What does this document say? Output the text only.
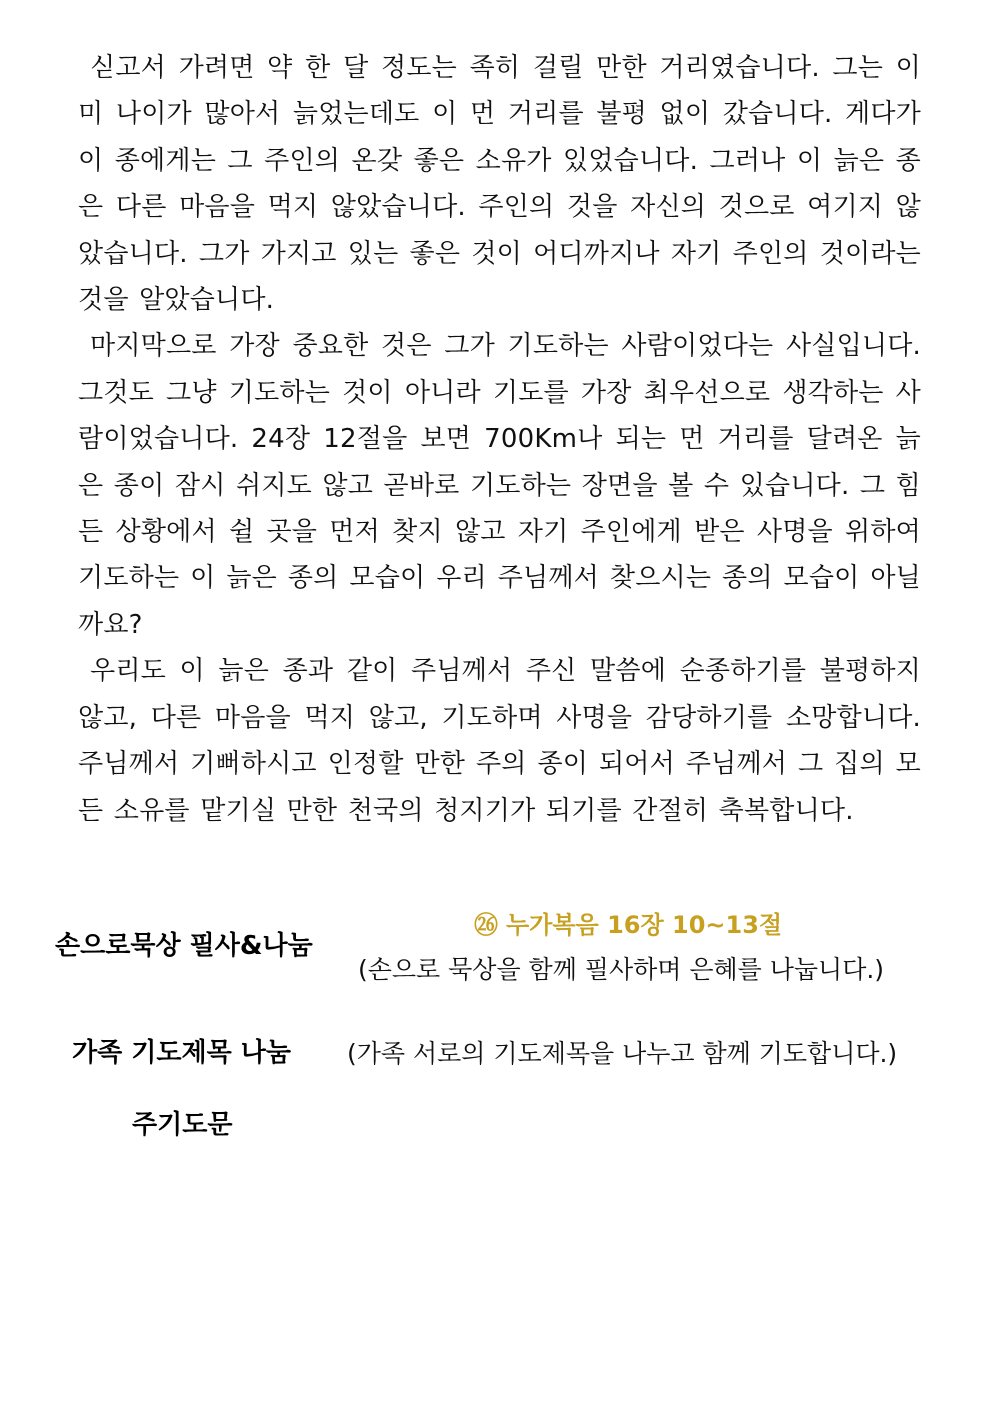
싣고서 가려면 약 한 달 정도는 족히 걸릴 만한 거리였습니다. 그는 이미 나이가 많아서 늙었는데도 이 먼 거리를 불평 없이 갔습니다. 게다가 이 종에게는 그 주인의 온갖 좋은 소유가 있었습니다. 그러나 이 늙은 종은 다른 마음을 먹지 않았습니다. 주인의 것을 자신의 것으로 여기지 않았습니다. 그가 가지고 있는 좋은 것이 어디까지나 자기 주인의 것이라는 것을 알았습니다.

마지막으로 가장 중요한 것은 그가 기도하는 사람이었다는 사실입니다. 그것도 그냥 기도하는 것이 아니라 기도를 가장 최우선으로 생각하는 사람이었습니다. 24장 12절을 보면 700Km나 되는 먼 거리를 달려온 늙은 종이 잠시 쉬지도 않고 곧바로 기도하는 장면을 볼 수 있습니다. 그 힘든 상황에서 쉴 곳을 먼저 찾지 않고 자기 주인에게 받은 사명을 위하여 기도하는 이 늙은 종의 모습이 우리 주님께서 찾으시는 종의 모습이 아닐까요?

우리도 이 늙은 종과 같이 주님께서 주신 말씀에 순종하기를 불평하지 않고, 다른 마음을 먹지 않고, 기도하며 사명을 감당하기를 소망합니다. 주님께서 기뻐하시고 인정할 만한 주의 종이 되어서 주님께서 그 집의 모든 소유를 맡기실 만한 천국의 청지기가 되기를 간절히 축복합니다.

손으로묵상 필사&나눔
㉖ 누가복음 16장 10~13절
(손으로 묵상을 함께 필사하며 은혜를 나눕니다.)
가족 기도제목 나눔 (가족 서로의 기도제목을 나누고 함께 기도합니다.)
주기도문
